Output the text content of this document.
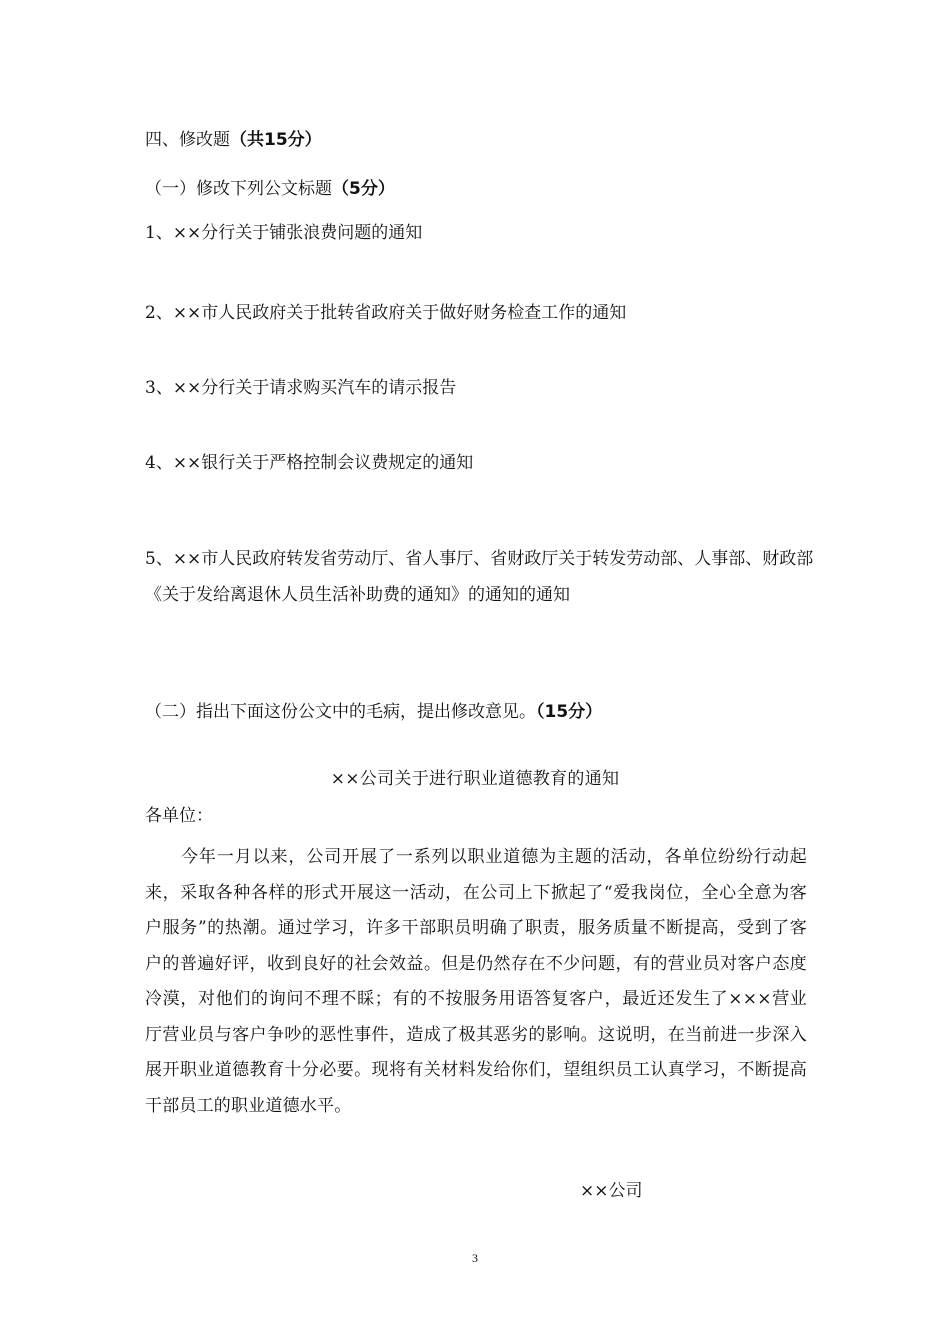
四、修改题（共15分）
（一）修改下列公文标题（5分）
1、××分行关于铺张浪费问题的通知
2、××市人民政府关于批转省政府关于做好财务检查工作的通知
3、××分行关于请求购买汽车的请示报告
4、××银行关于严格控制会议费规定的通知
5、××市人民政府转发省劳动厅、省人事厅、省财政厅关于转发劳动部、人事部、财政部《关于发给离退休人员生活补助费的通知》的通知的通知
（二）指出下面这份公文中的毛病，提出修改意见。（15分）
××公司关于进行职业道德教育的通知
各单位：
今年一月以来，公司开展了一系列以职业道德为主题的活动，各单位纷纷行动起来，采取各种各样的形式开展这一活动，在公司上下掀起了“爱我岗位，全心全意为客户服务”的热潮。通过学习，许多干部职员明确了职责，服务质量不断提高，受到了客户的普遍好评，收到良好的社会效益。但是仍然存在不少问题，有的营业员对客户态度冷漠，对他们的询问不理不睬；有的不按服务用语答复客户，最近还发生了×××营业厅营业员与客户争吵的恶性事件，造成了极其恶劣的影响。这说明，在当前进一步深入展开职业道德教育十分必要。现将有关材料发给你们，望组织员工认真学习，不断提高干部员工的职业道德水平。
××公司
3
